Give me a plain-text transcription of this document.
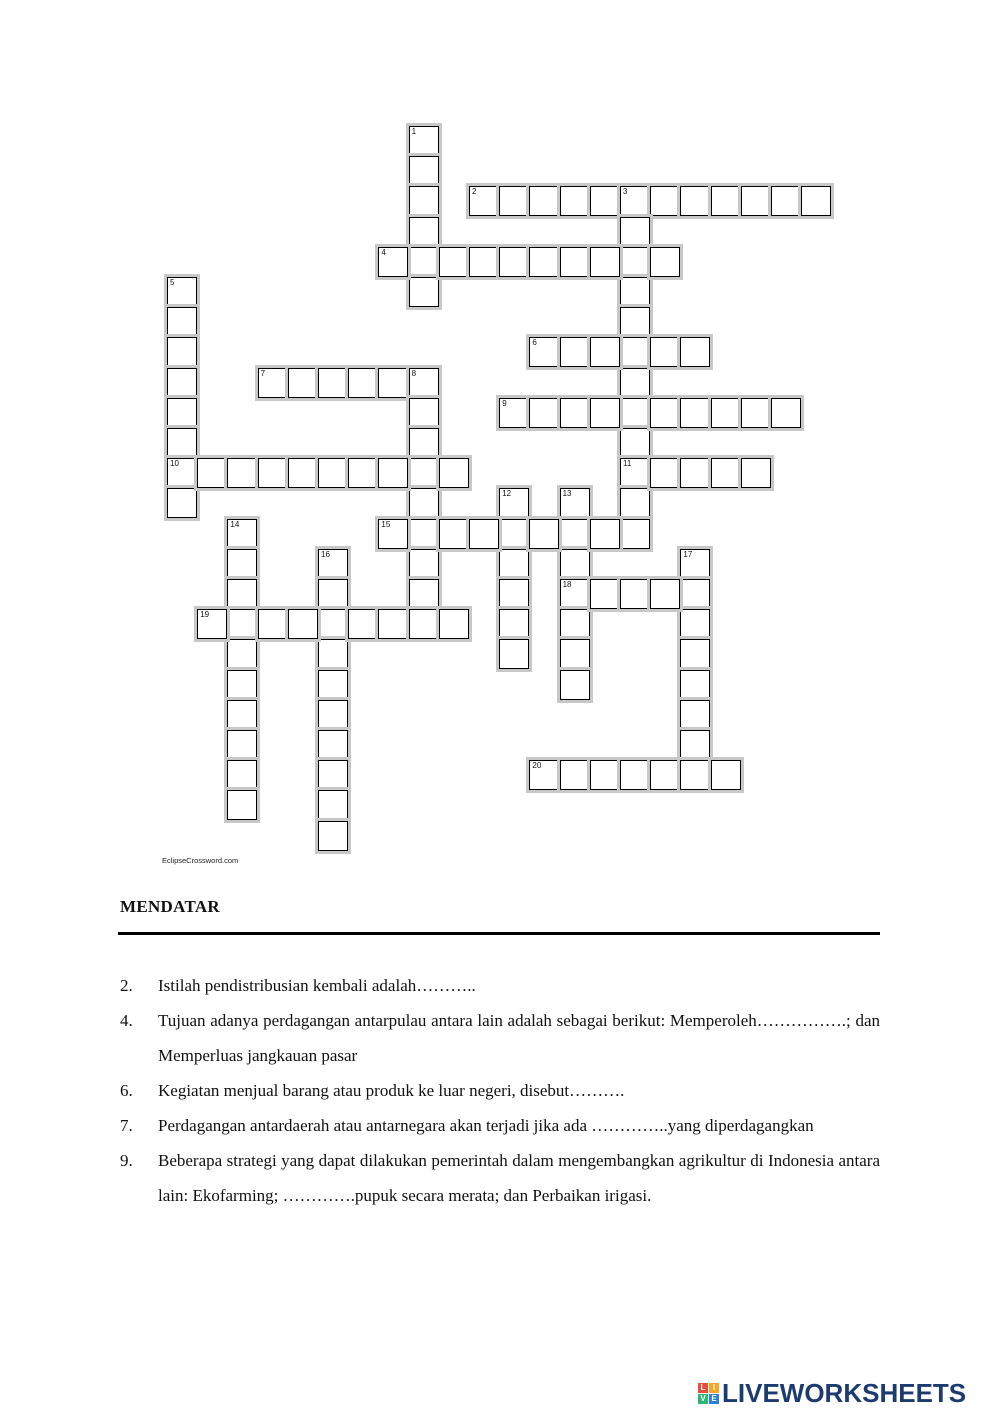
1
2	3
11
4
5
10
6
7	8
9
12	13
18
14	15
16	17
19
20
EclipseCrossword.com
MENDATAR
2.	Istilah pendistribusian kembali adalah………..
4.	Tujuan adanya perdagangan antarpulau antara lain adalah sebagai berikut: Memperoleh…………….; dan Memperluas jangkauan pasar
6.	Kegiatan menjual barang atau produk ke luar negeri, disebut……….
7.	Perdagangan antardaerah atau antarnegara akan terjadi jika ada …………..yang diperdagangkan
9.	Beberapa strategi yang dapat dilakukan pemerintah dalam mengembangkan agrikultur di Indonesia antara lain: Ekofarming; ………….pupuk secara merata; dan Perbaikan irigasi.
L I
V E LIVEWORKSHEETS
